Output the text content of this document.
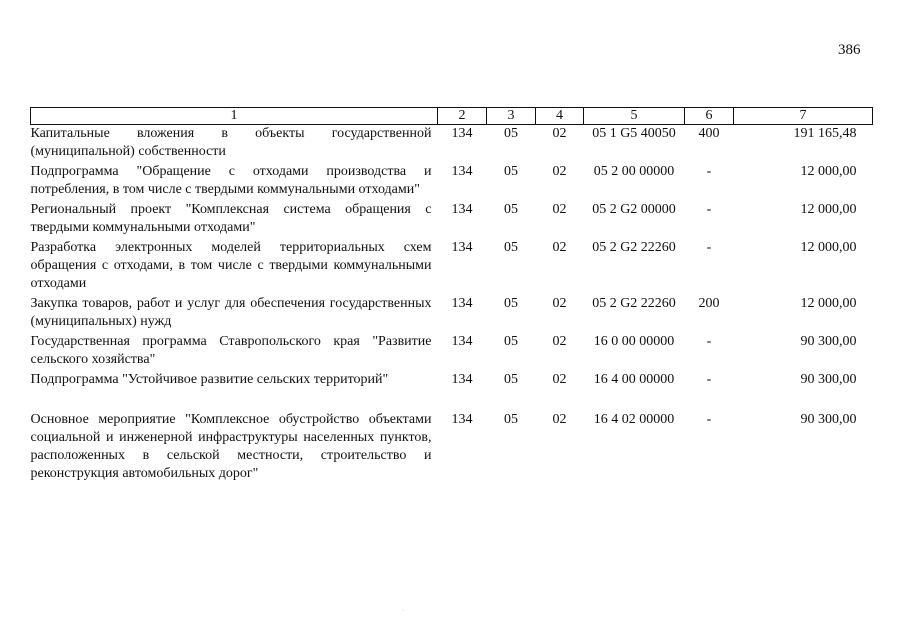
386
1	2	3	4	5	6	7
Капитальные вложения в объекты государственной (муниципальной) собственности	134	05	02	05 1 G5 40050	400	191 165,48
Подпрограмма "Обращение с отходами производства и потребления, в том числе с твердыми коммунальными отходами"	134	05	02	05 2 00 00000	-	12 000,00
Региональный проект "Комплексная система обращения с твердыми коммунальными отходами"	134	05	02	05 2 G2 00000	-	12 000,00
Разработка электронных моделей территориальных схем обращения с отходами, в том числе с твердыми коммунальными отходами	134	05	02	05 2 G2 22260	-	12 000,00
Закупка товаров, работ и услуг для обеспечения государственных (муниципальных) нужд	134	05	02	05 2 G2 22260	200	12 000,00
Государственная программа Ставропольского края "Развитие сельского хозяйства"	134	05	02	16 0 00 00000	-	90 300,00
Подпрограмма "Устойчивое развитие сельских территорий"	134	05	02	16 4 00 00000	-	90 300,00
Основное мероприятие "Комплексное обустройство объектами социальной и инженерной инфраструктуры населенных пунктов, расположенных в сельской местности, строительство и реконструкция автомобильных дорог"	134	05	02	16 4 02 00000	-	90 300,00
·
